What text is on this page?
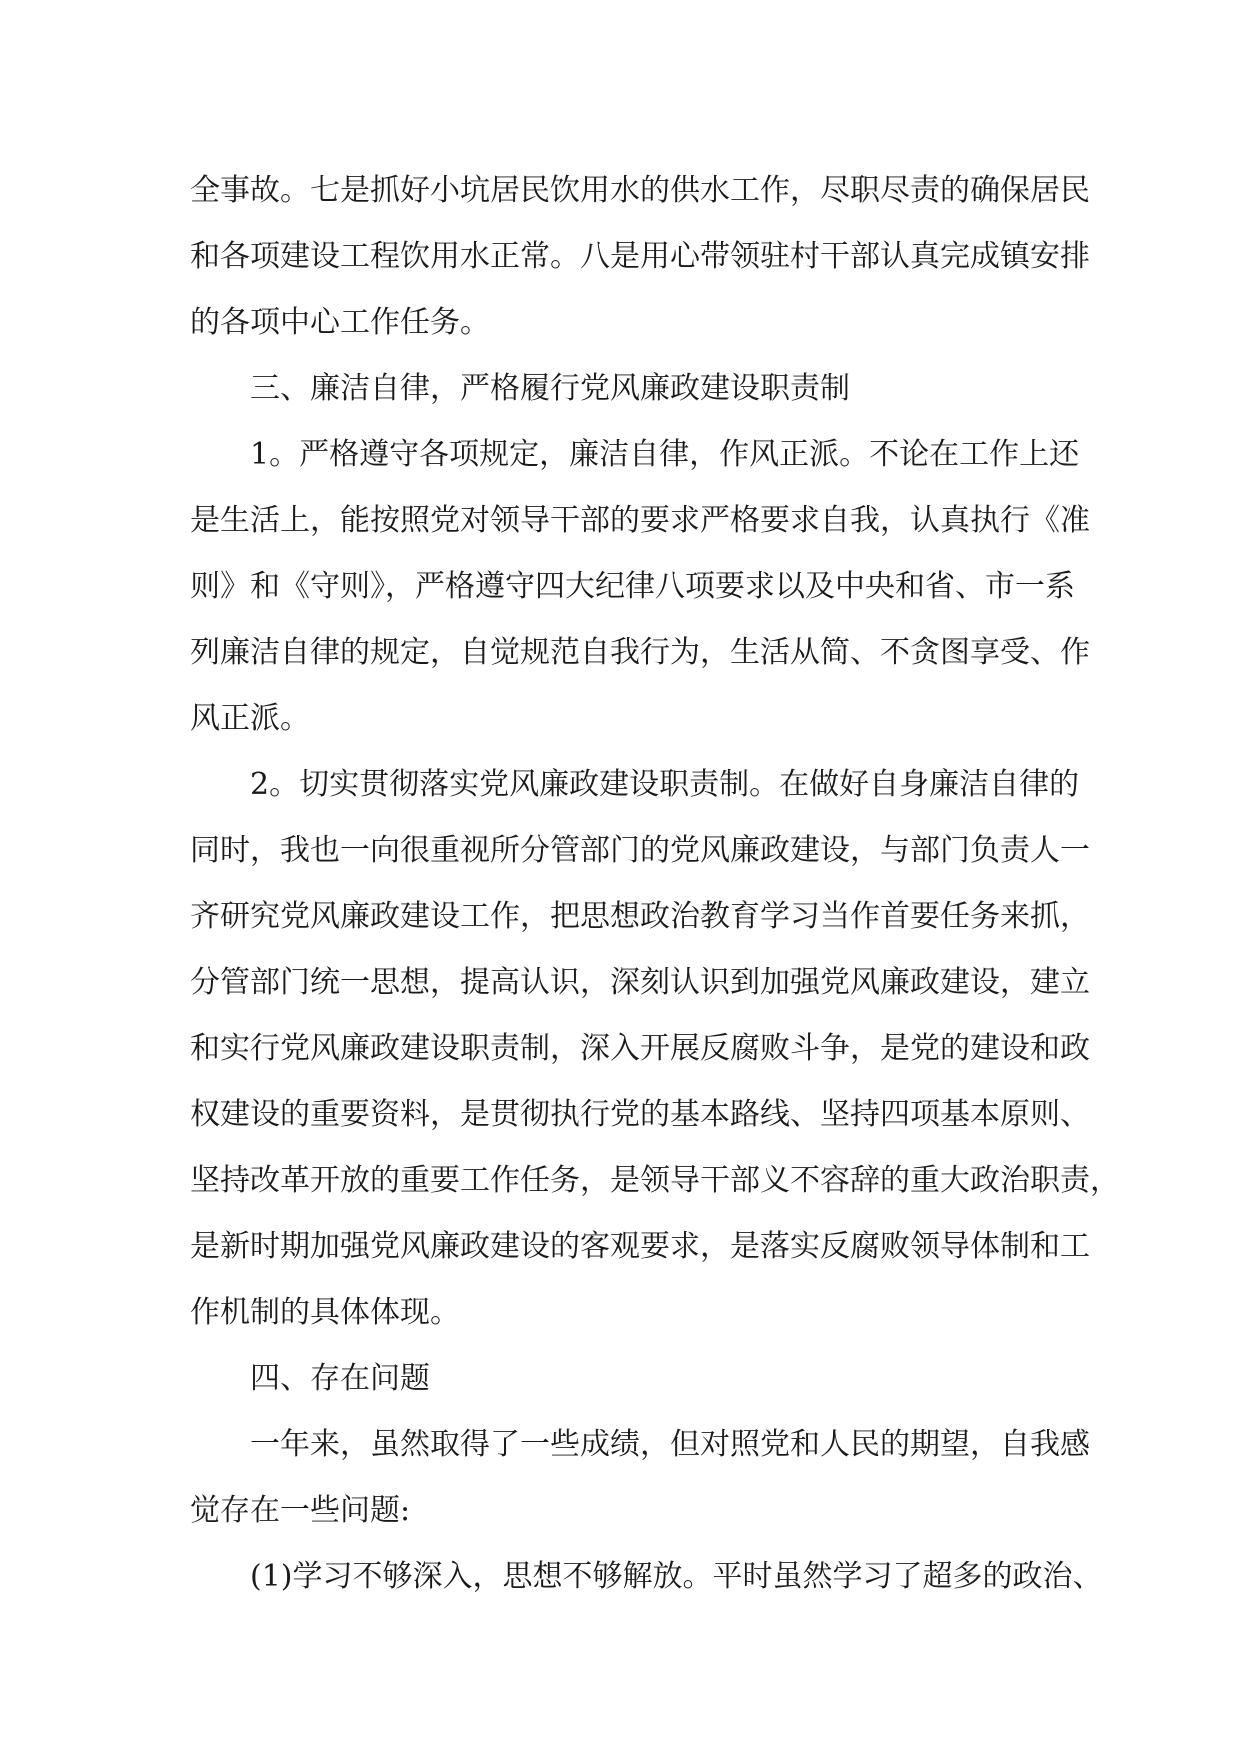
全事故。七是抓好小坑居民饮用水的供水工作，尽职尽责的确保居民
和各项建设工程饮用水正常。八是用心带领驻村干部认真完成镇安排
的各项中心工作任务。
三、廉洁自律，严格履行党风廉政建设职责制
1。严格遵守各项规定，廉洁自律，作风正派。不论在工作上还
是生活上，能按照党对领导干部的要求严格要求自我，认真执行《准
则》和《守则》，严格遵守四大纪律八项要求以及中央和省、市一系
列廉洁自律的规定，自觉规范自我行为，生活从简、不贪图享受、作
风正派。
2。切实贯彻落实党风廉政建设职责制。在做好自身廉洁自律的
同时，我也一向很重视所分管部门的党风廉政建设，与部门负责人一
齐研究党风廉政建设工作，把思想政治教育学习当作首要任务来抓，
分管部门统一思想，提高认识，深刻认识到加强党风廉政建设，建立
和实行党风廉政建设职责制，深入开展反腐败斗争，是党的建设和政
权建设的重要资料，是贯彻执行党的基本路线、坚持四项基本原则、
坚持改革开放的重要工作任务，是领导干部义不容辞的重大政治职责，
是新时期加强党风廉政建设的客观要求，是落实反腐败领导体制和工
作机制的具体体现。
四、存在问题
一年来，虽然取得了一些成绩，但对照党和人民的期望，自我感
觉存在一些问题:
(1)学习不够深入，思想不够解放。平时虽然学习了超多的政治、
